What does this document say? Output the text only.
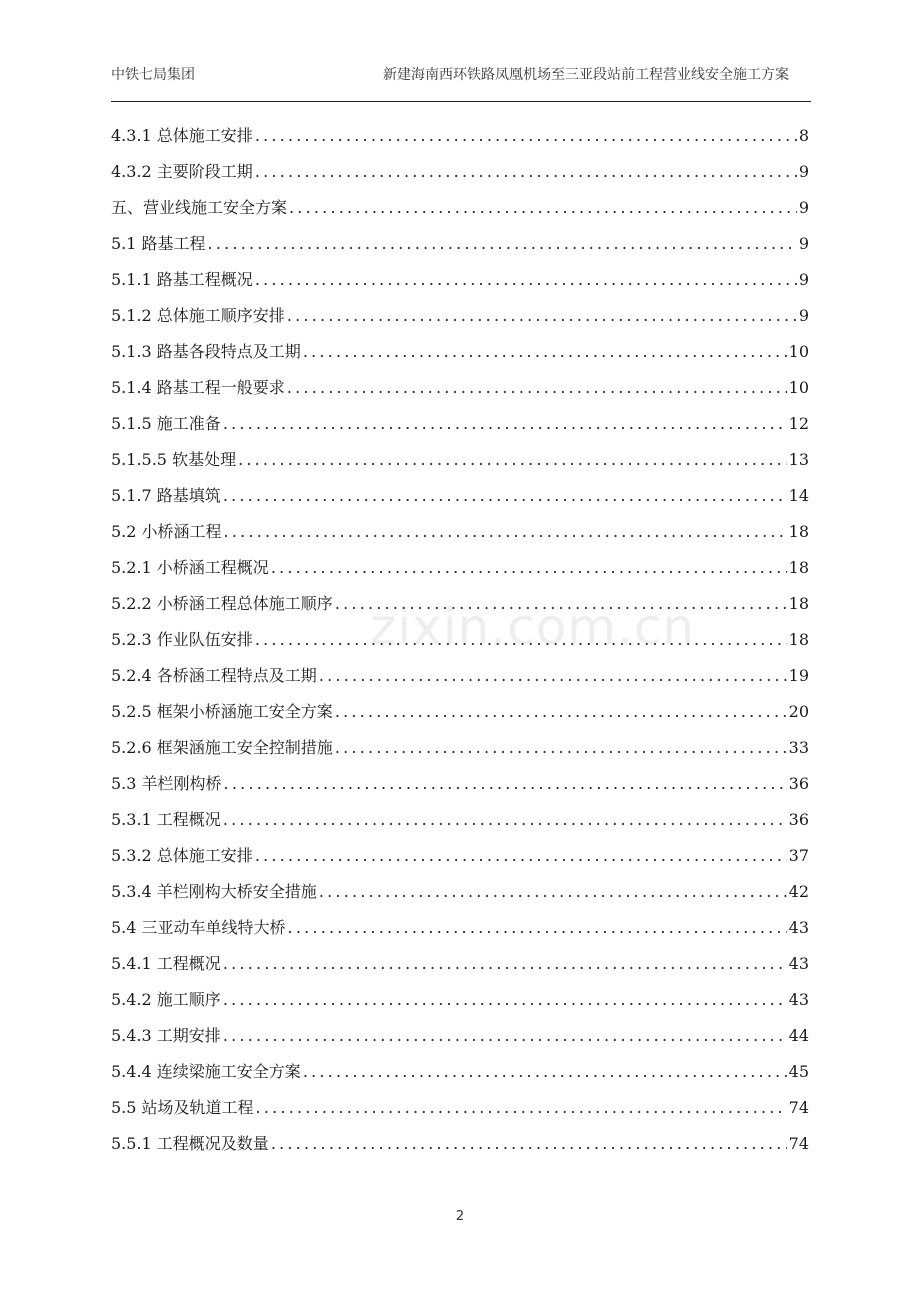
中铁七局集团	新建海南西环铁路凤凰机场至三亚段站前工程营业线安全施工方案
4.3.1 总体施工安排 .....	8
4.3.2 主要阶段工期 .....	9
五、营业线施工安全方案 .....	9
5.1 路基工程 .....	9
5.1.1 路基工程概况 .....	9
5.1.2 总体施工顺序安排 .....	9
5.1.3 路基各段特点及工期 .....	10
5.1.4 路基工程一般要求 .....	10
5.1.5 施工准备 .....	12
5.1.5.5 软基处理 .....	13
5.1.7 路基填筑 .....	14
5.2 小桥涵工程 .....	18
5.2.1 小桥涵工程概况 .....	18
5.2.2 小桥涵工程总体施工顺序 .....	18
5.2.3 作业队伍安排 .....	18
5.2.4 各桥涵工程特点及工期 .....	19
5.2.5 框架小桥涵施工安全方案 .....	20
5.2.6 框架涵施工安全控制措施 .....	33
5.3 羊栏刚构桥 .....	36
5.3.1 工程概况 .....	36
5.3.2 总体施工安排 .....	37
5.3.4 羊栏刚构大桥安全措施 .....	42
5.4 三亚动车单线特大桥 .....	43
5.4.1 工程概况 .....	43
5.4.2 施工顺序 .....	43
5.4.3 工期安排 .....	44
5.4.4 连续梁施工安全方案 .....	45
5.5 站场及轨道工程 .....	74
5.5.1 工程概况及数量 .....	74
zixin.com.cn
2
